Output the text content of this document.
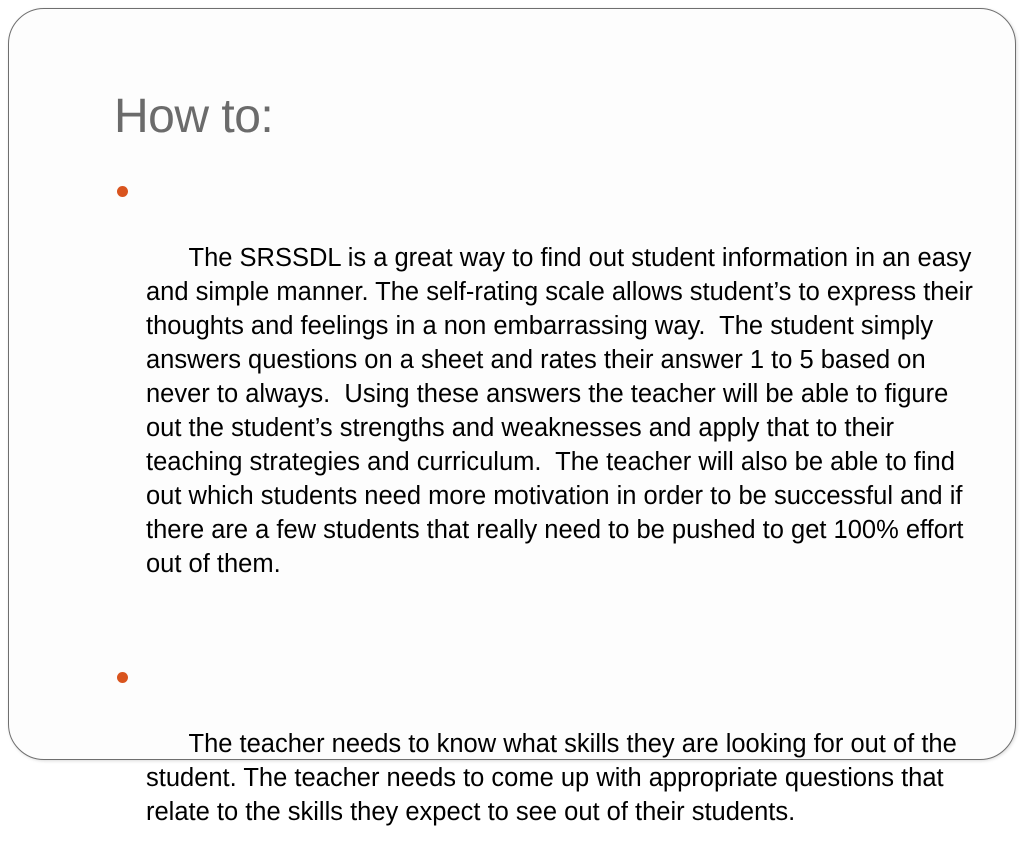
How to:

The SRSSDL is a great way to find out student information in an easy and simple manner. The self-rating scale allows student’s to express their thoughts and feelings in a non embarrassing way.  The student simply answers questions on a sheet and rates their answer 1 to 5 based on never to always.  Using these answers the teacher will be able to figure out the student’s strengths and weaknesses and apply that to their teaching strategies and curriculum.  The teacher will also be able to find out which students need more motivation in order to be successful and if there are a few students that really need to be pushed to get 100% effort out of them.

The teacher needs to know what skills they are looking for out of the student. The teacher needs to come up with appropriate questions that relate to the skills they expect to see out of their students.
